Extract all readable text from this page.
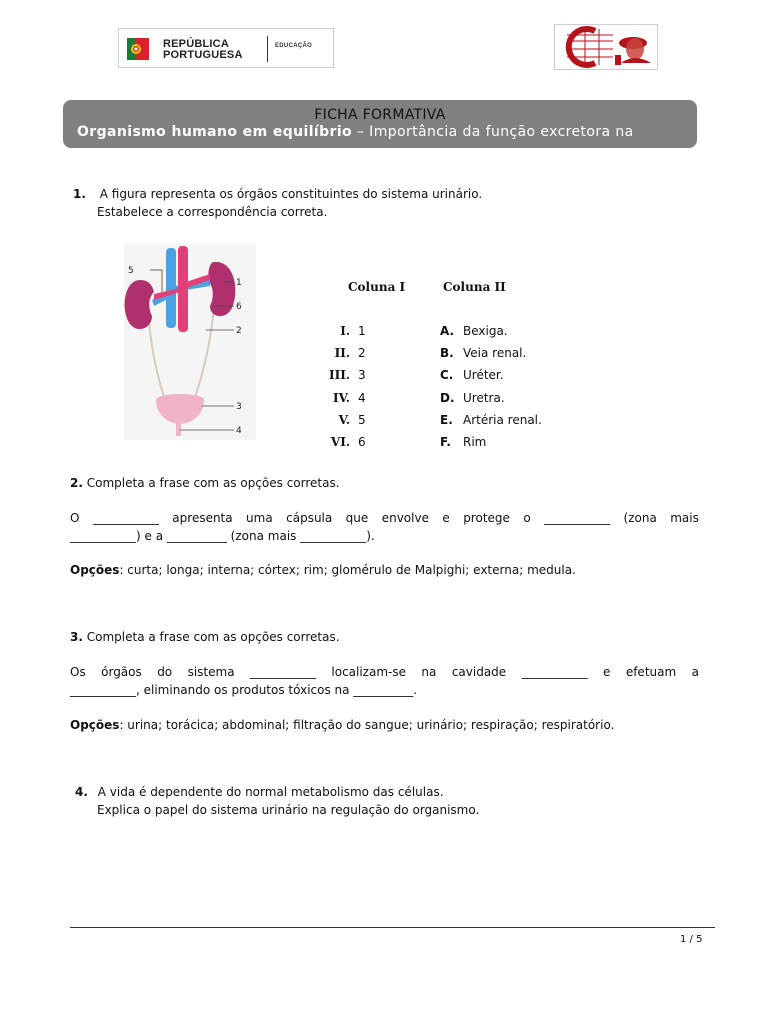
REPÚBLICA
PORTUGUESA
EDUCAÇÃO
FICHA FORMATIVA
Organismo humano em equilíbrio – Importância da função excretora na
1. A figura representa os órgãos constituintes do sistema urinário.
Estabelece a correspondência correta.
5
1
6
2
3
4
Coluna I	Coluna II
I. 1	A. Bexiga.
II. 2	B. Veia renal.
III. 3	C. Uréter.
IV. 4	D. Uretra.
V. 5	E. Artéria renal.
VI. 6	F. Rim
2. Completa a frase com as opções corretas.
O ___________ apresenta uma cápsula que envolve e protege o ___________ (zona mais
___________) e a __________ (zona mais ___________).
Opções: curta; longa; interna; córtex; rim; glomérulo de Malpighi; externa; medula.
3. Completa a frase com as opções corretas.
Os órgãos do sistema ___________ localizam-se na cavidade ___________ e efetuam a
___________, eliminando os produtos tóxicos na __________.
Opções: urina; torácica; abdominal; filtração do sangue; urinário; respiração; respiratório.
4. A vida é dependente do normal metabolismo das células.
Explica o papel do sistema urinário na regulação do organismo.
1 / 5
